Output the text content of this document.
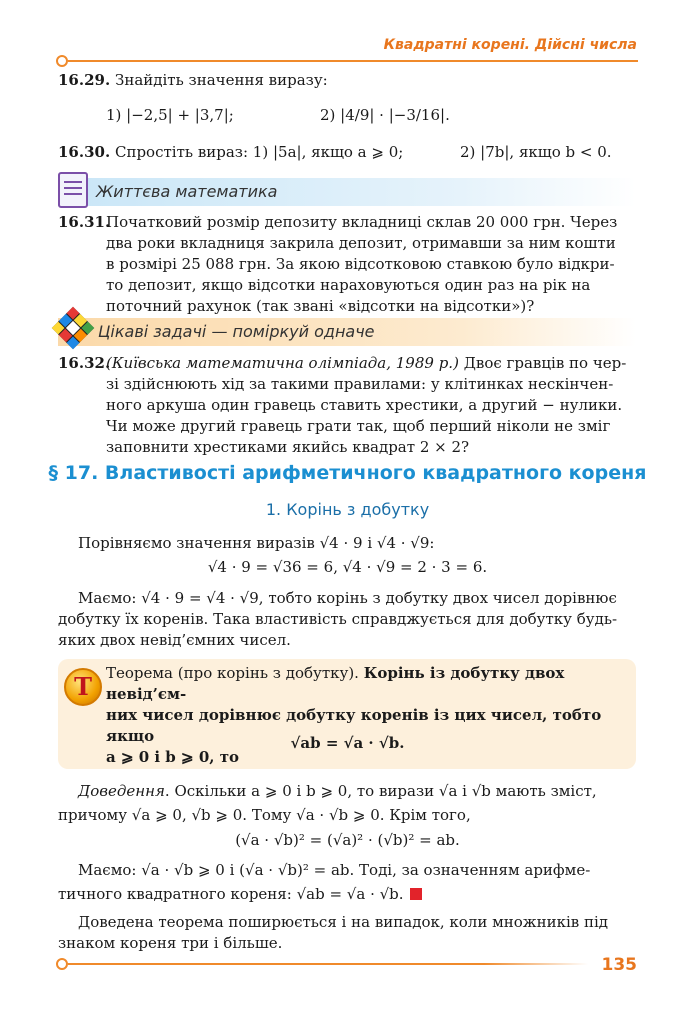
Квадратні корені. Дійсні числа
16.29. Знайдіть значення виразу:
1) |−2,5| + |3,7|;	2) |4/9| · |−3/16|.
16.30. Спростіть вираз: 1) |5a|, якщо a ⩾ 0;	2) |7b|, якщо b < 0.
Життєва математика
16.31.
Початковий розмір депозиту вкладниці склав 20 000 грн. Через
два роки вкладниця закрила депозит, отримавши за ним кошти
в розмірі 25 088 грн. За якою відсотковою ставкою було відкри-
то депозит, якщо відсотки нараховуються один раз на рік на
поточний рахунок (так звані «відсотки на відсотки»)?
Цікаві задачі — поміркуй одначе
16.32.
(Київська математична олімпіада, 1989 р.) Двоє гравців по чер-
зі здійснюють хід за такими правилами: у клітинках нескінчен-
ного аркуша один гравець ставить хрестики, а другий − нулики.
Чи може другий гравець грати так, щоб перший ніколи не зміг
заповнити хрестиками якийсь квадрат 2 × 2?
§ 17. Властивості арифметичного квадратного кореня
1. Корінь з добутку
Порівняємо значення виразів √4 · 9 і √4 · √9:
√4 · 9 = √36 = 6, √4 · √9 = 2 · 3 = 6.
Маємо: √4 · 9 = √4 · √9, тобто корінь з добутку двох чисел дорівнює
добутку їх коренів. Така властивість справджується для добутку будь-
яких двох невід’ємних чисел.
T Теорема (про корінь з добутку). Корінь із добутку двох невід’єм-
них чисел дорівнює добутку коренів із цих чисел, тобто якщо
a ⩾ 0 і b ⩾ 0, то
√ab = √a · √b.
Доведення. Оскільки a ⩾ 0 і b ⩾ 0, то вирази √a і √b мають зміст,
причому √a ⩾ 0, √b ⩾ 0. Тому √a · √b ⩾ 0. Крім того,
(√a · √b)² = (√a)² · (√b)² = ab.
Маємо: √a · √b ⩾ 0 і (√a · √b)² = ab. Тоді, за означенням арифме-
тичного квадратного кореня: √ab = √a · √b.
Доведена теорема поширюється і на випадок, коли множників під
знаком кореня три і більше.
135
